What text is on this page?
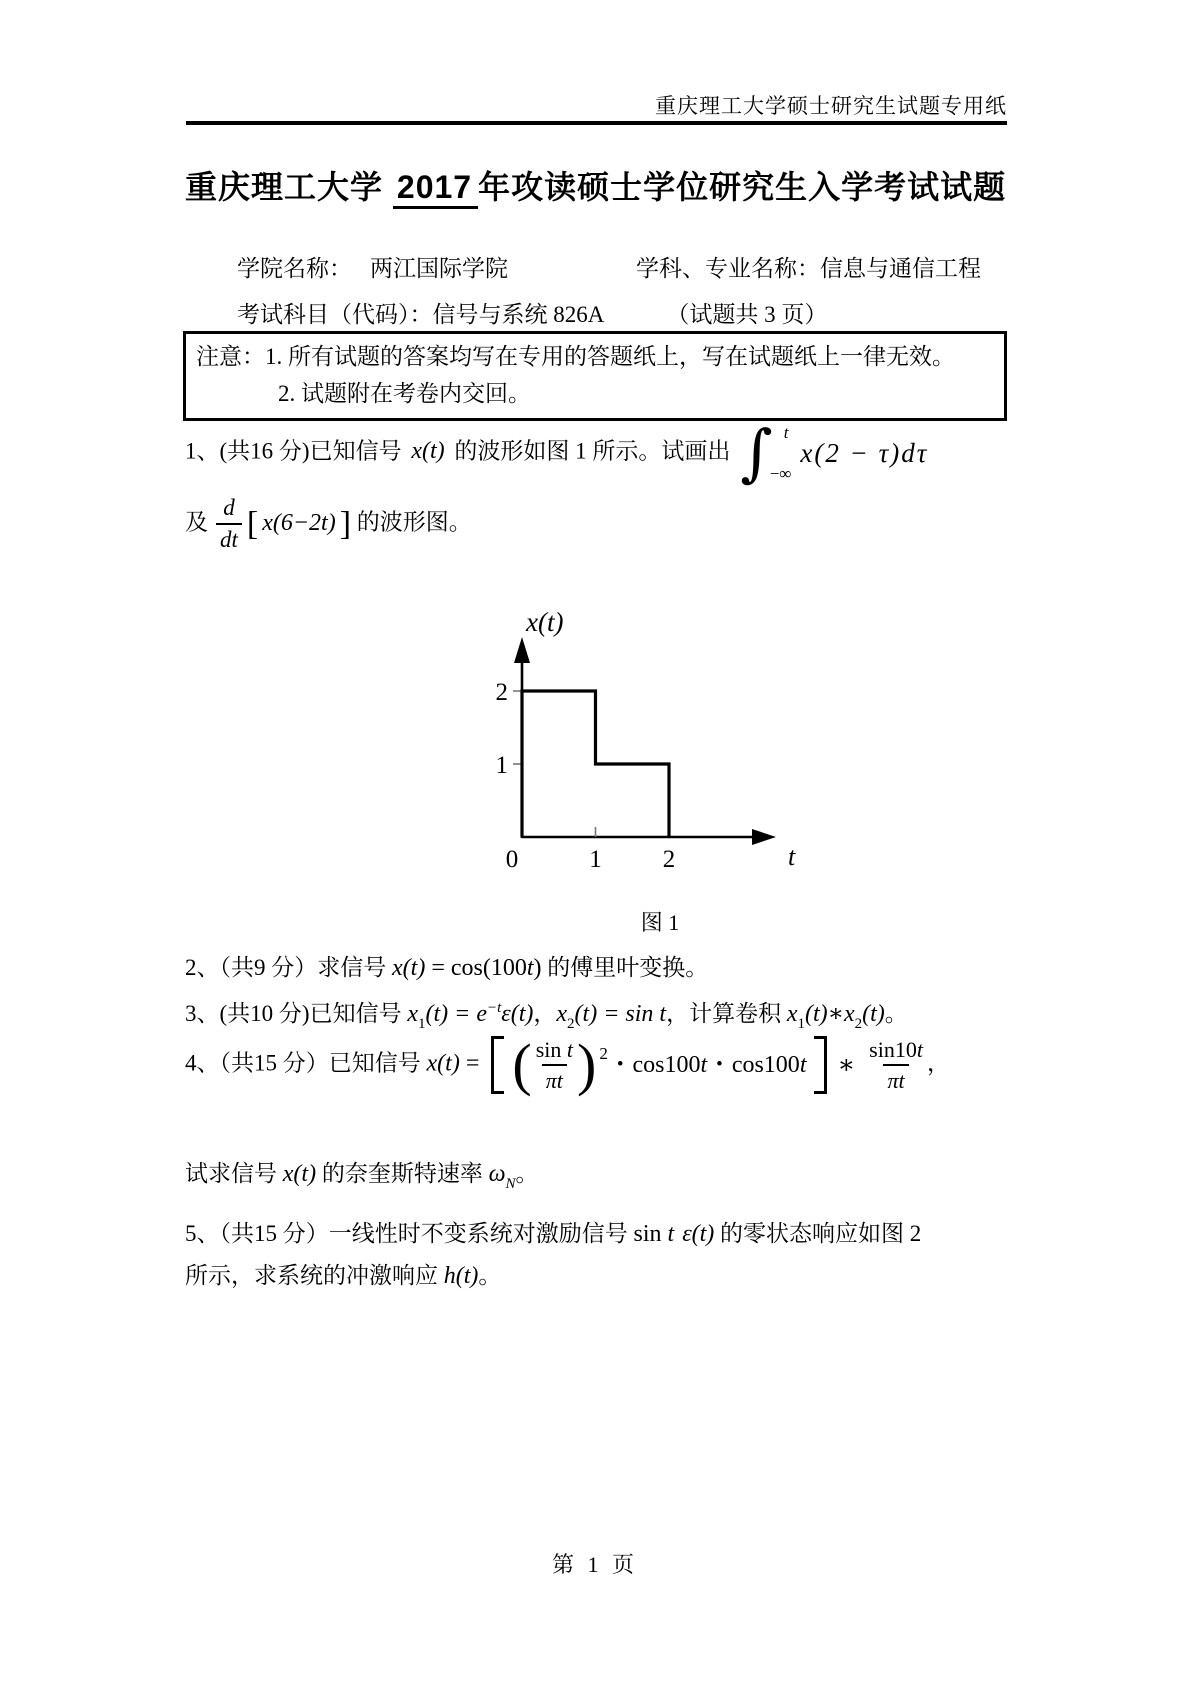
重庆理工大学硕士研究生试题专用纸
重庆理工大学 2017 年攻读硕士学位研究生入学考试试题
学院名称： 两江国际学院	学科、专业名称：信息与通信工程
考试科目（代码）：信号与系统 826A	（试题共 3 页）
注意：1. 所有试题的答案均写在专用的答题纸上，写在试题纸上一律无效。
2. 试题附在考卷内交回。
1、(共16 分)已知信号 x(t) 的波形如图 1 所示。试画出 ∫ t
−∞
x(2 − τ)dτ
及 $\frac{d}{dt}$ [ x(6−2t) ] 的波形图。
x(t)
t
0	1 2
1
2
图 1
2、（共9 分）求信号 x(t) = cos(100t) 的傅里叶变换。
3、(共10 分)已知信号 $x_1(t) = e^{-t}\varepsilon(t)$，$x_2(t) = \sin t$，计算卷积 $x_1(t)∗x_2(t)$。
4、（共15 分）已知信号 x(t) = ( $\frac{\text{sin t}}{\pi t}$ ) 2
• cos100 t • cos100 t ∗ $\frac{\sin 10t}{\pi t}$ ，
试求信号 x(t) 的奈奎斯特速率 $\omega_N$。
5、（共15 分）一线性时不变系统对激励信号 sin t ε(t) 的零状态响应如图 2
所示，求系统的冲激响应 h(t)。
第 1 页
